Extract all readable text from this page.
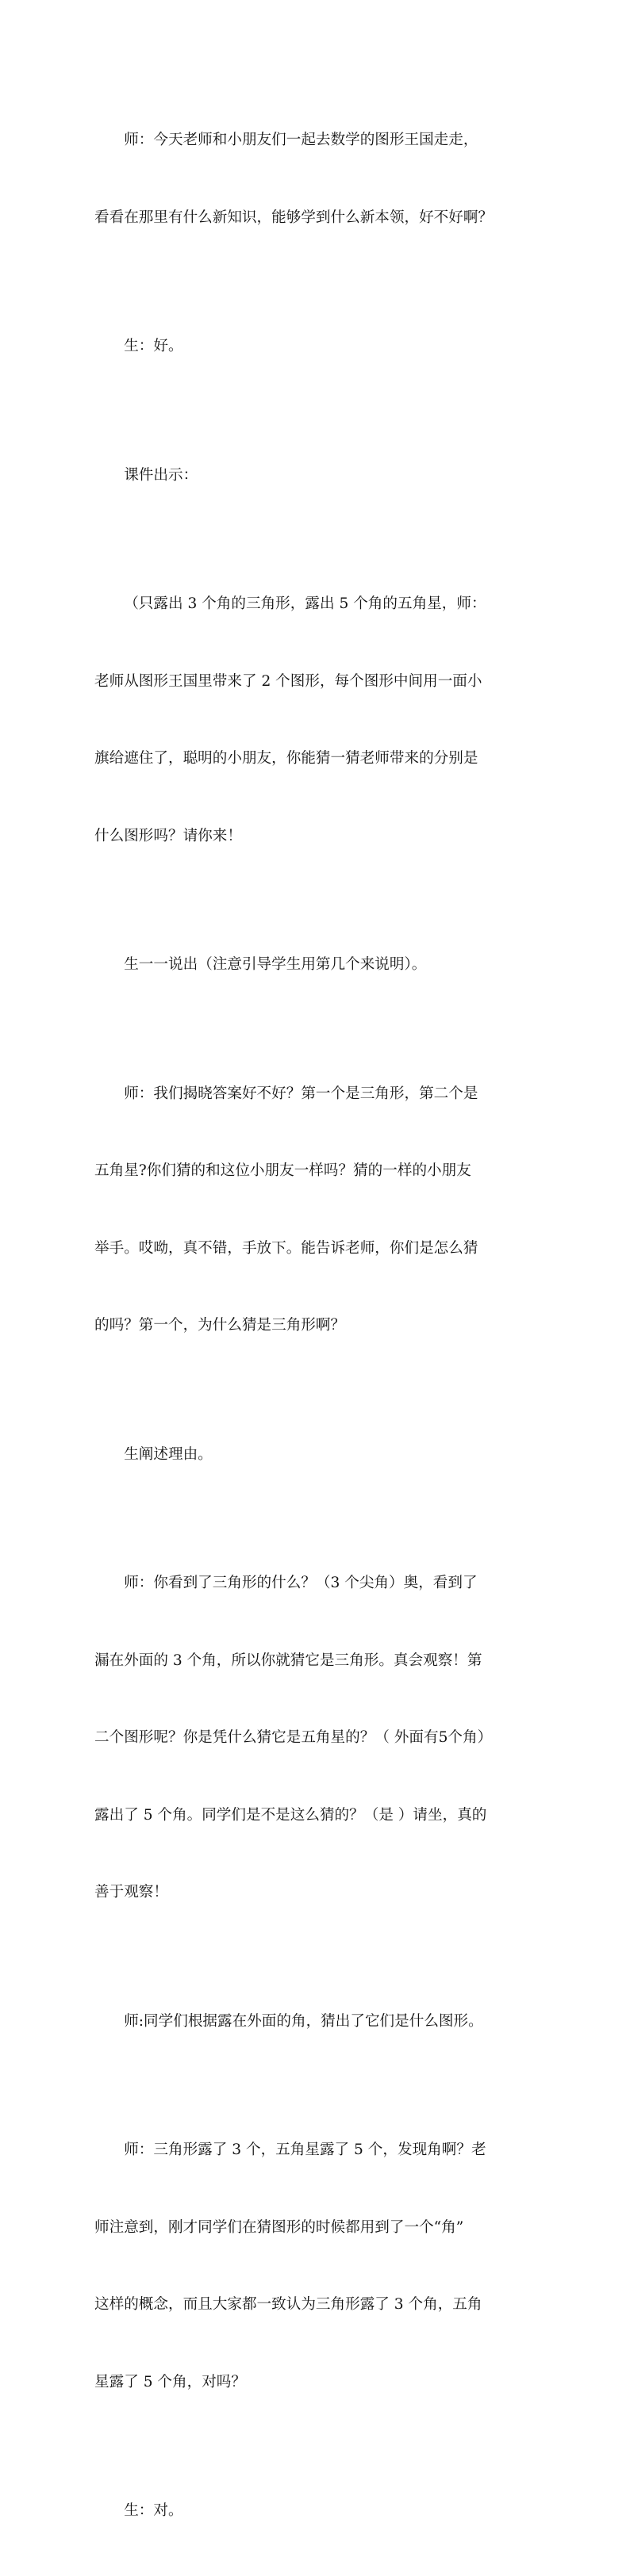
师：今天老师和小朋友们一起去数学的图形王国走走，

看看在那里有什么新知识，能够学到什么新本领，好不好啊？

生：好。

课件出示：

（只露出 3 个角的三角形，露出 5 个角的五角星，师：

老师从图形王国里带来了 2 个图形，每个图形中间用一面小

旗给遮住了，聪明的小朋友，你能猜一猜老师带来的分别是

什么图形吗？请你来！

生一一说出（注意引导学生用第几个来说明）。

师：我们揭晓答案好不好？第一个是三角形，第二个是

五角星?你们猜的和这位小朋友一样吗？猜的一样的小朋友

举手。哎呦，真不错，手放下。能告诉老师，你们是怎么猜

的吗？第一个，为什么猜是三角形啊？

生阐述理由。

师：你看到了三角形的什么？（3 个尖角）奥，看到了

漏在外面的 3 个角，所以你就猜它是三角形。真会观察！第

二个图形呢？你是凭什么猜它是五角星的？（ 外面有5个角）

露出了 5 个角。同学们是不是这么猜的？（是 ）请坐，真的

善于观察！

师:同学们根据露在外面的角，猜出了它们是什么图形。

师：三角形露了 3 个，五角星露了 5 个，发现角啊？老

师注意到，刚才同学们在猜图形的时候都用到了一个“角”

这样的概念，而且大家都一致认为三角形露了 3 个角，五角

星露了 5 个角，对吗？

生：对。
